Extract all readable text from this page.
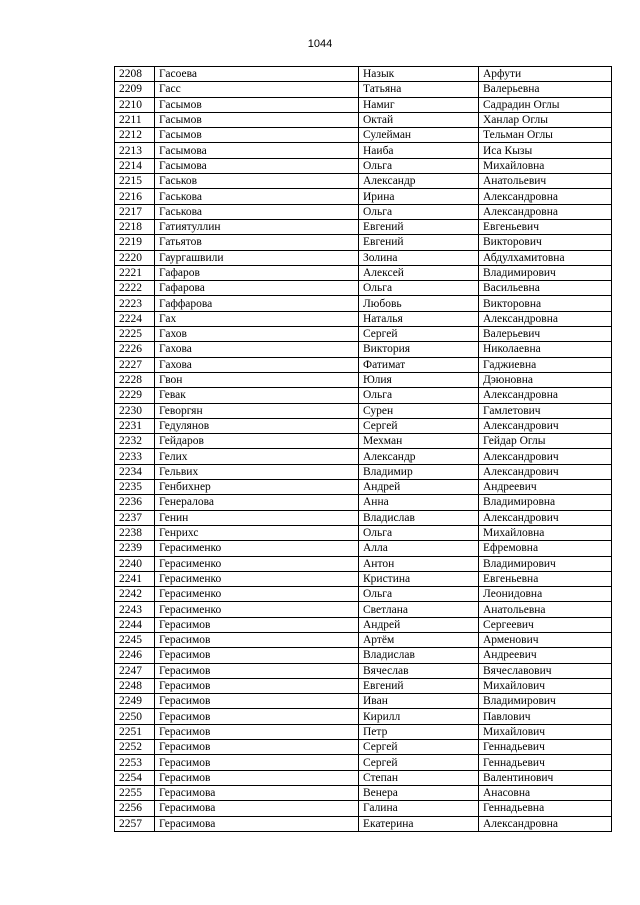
1044
2208	Гасоева	Назык	Арфути
2209	Гасс	Татьяна	Валерьевна
2210	Гасымов	Намиг	Садрадин Оглы
2211	Гасымов	Октай	Ханлар Оглы
2212	Гасымов	Сулейман	Тельман Оглы
2213	Гасымова	Наиба	Иса Кызы
2214	Гасымова	Ольга	Михайловна
2215	Гаськов	Александр	Анатольевич
2216	Гаськова	Ирина	Александровна
2217	Гаськова	Ольга	Александровна
2218	Гатиятуллин	Евгений	Евгеньевич
2219	Гатьятов	Евгений	Викторович
2220	Гаургашвили	Золина	Абдулхамитовна
2221	Гафаров	Алексей	Владимирович
2222	Гафарова	Ольга	Васильевна
2223	Гаффарова	Любовь	Викторовна
2224	Гах	Наталья	Александровна
2225	Гахов	Сергей	Валерьевич
2226	Гахова	Виктория	Николаевна
2227	Гахова	Фатимат	Гаджиевна
2228	Гвон	Юлия	Дэюновна
2229	Гевак	Ольга	Александровна
2230	Геворгян	Сурен	Гамлетович
2231	Гедулянов	Сергей	Александрович
2232	Гейдаров	Мехман	Гейдар Оглы
2233	Гелих	Александр	Александрович
2234	Гельвих	Владимир	Александрович
2235	Генбихнер	Андрей	Андреевич
2236	Генералова	Анна	Владимировна
2237	Генин	Владислав	Александрович
2238	Генрихс	Ольга	Михайловна
2239	Герасименко	Алла	Ефремовна
2240	Герасименко	Антон	Владимирович
2241	Герасименко	Кристина	Евгеньевна
2242	Герасименко	Ольга	Леонидовна
2243	Герасименко	Светлана	Анатольевна
2244	Герасимов	Андрей	Сергеевич
2245	Герасимов	Артём	Арменович
2246	Герасимов	Владислав	Андреевич
2247	Герасимов	Вячеслав	Вячеславович
2248	Герасимов	Евгений	Михайлович
2249	Герасимов	Иван	Владимирович
2250	Герасимов	Кирилл	Павлович
2251	Герасимов	Петр	Михайлович
2252	Герасимов	Сергей	Геннадьевич
2253	Герасимов	Сергей	Геннадьевич
2254	Герасимов	Степан	Валентинович
2255	Герасимова	Венера	Анасовна
2256	Герасимова	Галина	Геннадьевна
2257	Герасимова	Екатерина	Александровна
